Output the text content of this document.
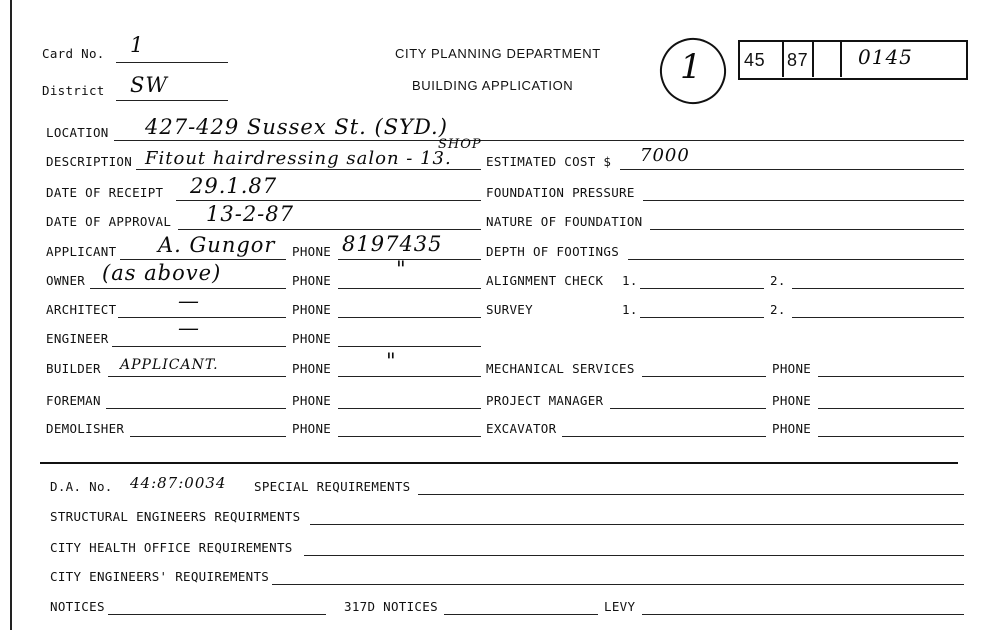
Card No. 1
District SW
CITY PLANNING DEPARTMENT
BUILDING APPLICATION	1 45 87 0145
LOCATION 427-429 Sussex St. (SYD.)
DESCRIPTION Fitout hairdressing salon - 13.
SHOP
ESTIMATED COST $ 7000
DATE OF RECEIPT 29.1.87	FOUNDATION PRESSURE
DATE OF APPROVAL 13-2-87	NATURE OF FOUNDATION
APPLICANT A. Gungor PHONE 8197435	DEPTH OF FOOTINGS
OWNER (as above)	PHONE	"	ALIGNMENT CHECK 1.	2.
ARCHITECT	—	PHONE	SURVEY	1.	2.
ENGINEER	—	PHONE
BUILDER APPLICANT.	PHONE	"	MECHANICAL SERVICES	PHONE
FOREMAN	PHONE	PROJECT MANAGER	PHONE
DEMOLISHER	PHONE	EXCAVATOR	PHONE
D.A. No. 44:87:0034 SPECIAL REQUIREMENTS
STRUCTURAL ENGINEERS REQUIRMENTS
CITY HEALTH OFFICE REQUIREMENTS
CITY ENGINEERS' REQUIREMENTS
NOTICES	317D NOTICES	LEVY
